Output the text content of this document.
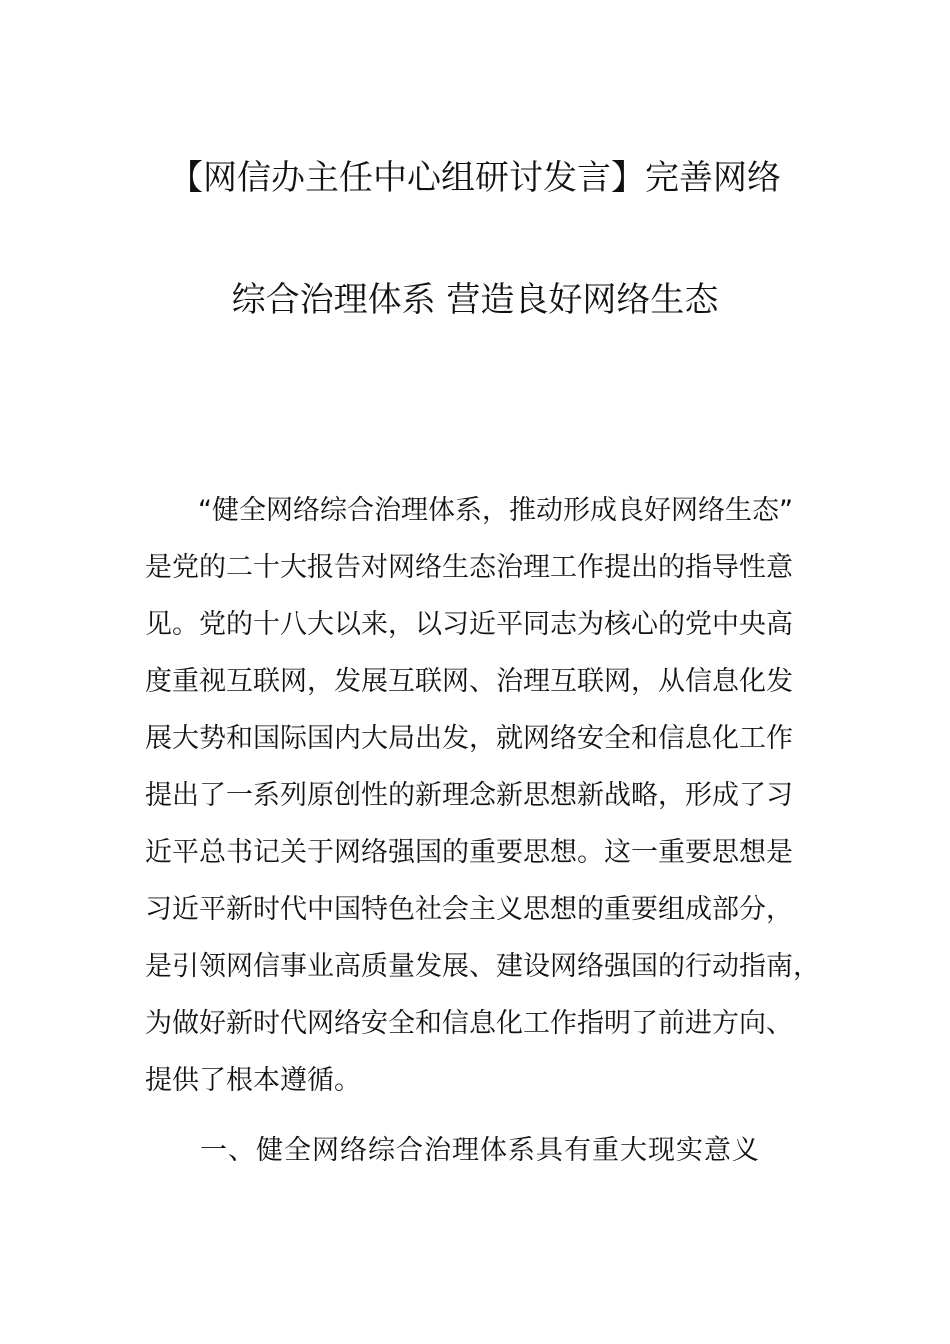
【网信办主任中心组研讨发言】完善网络
综合治理体系 营造良好网络生态
“健全网络综合治理体系，推动形成良好网络生态”
是党的二十大报告对网络生态治理工作提出的指导性意
见。党的十八大以来，以习近平同志为核心的党中央高
度重视互联网，发展互联网、治理互联网，从信息化发
展大势和国际国内大局出发，就网络安全和信息化工作
提出了一系列原创性的新理念新思想新战略，形成了习
近平总书记关于网络强国的重要思想。这一重要思想是
习近平新时代中国特色社会主义思想的重要组成部分，
是引领网信事业高质量发展、建设网络强国的行动指南，
为做好新时代网络安全和信息化工作指明了前进方向、
提供了根本遵循。
一、健全网络综合治理体系具有重大现实意义
